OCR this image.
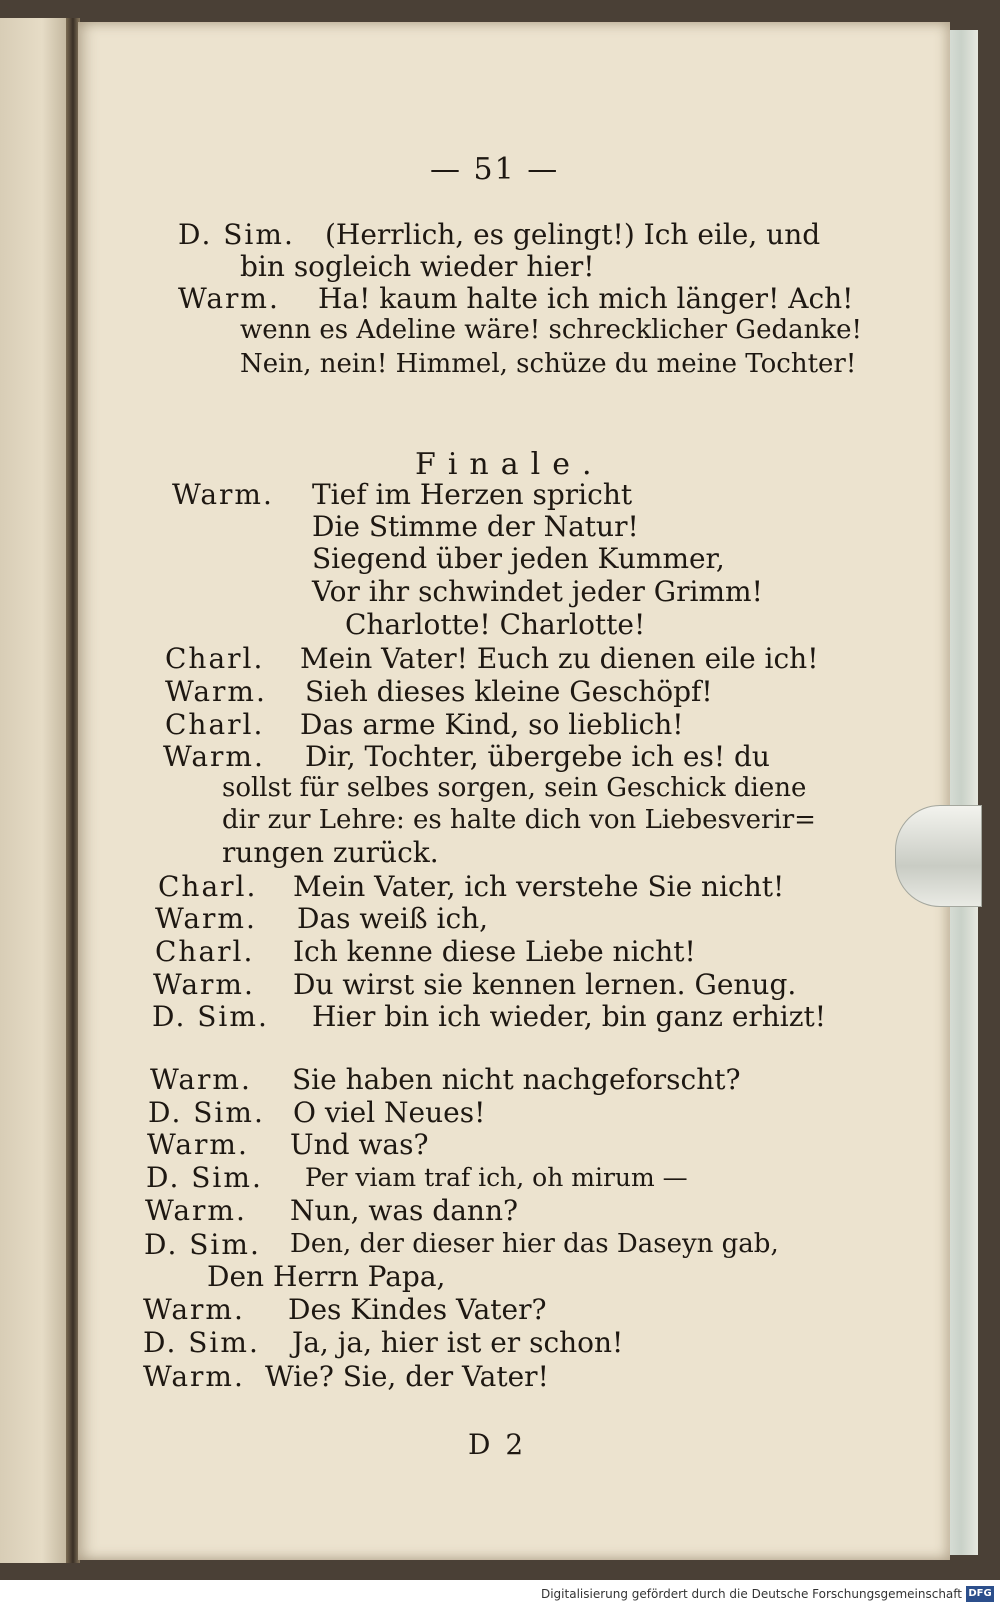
— 51 —
D. Sim. (Herrlich, es gelingt!) Ich eile, und
bin sogleich wieder hier!
Warm. Ha! kaum halte ich mich länger! Ach!
wenn es Adeline wäre! schrecklicher Gedanke!
Nein, nein! Himmel, schüze du meine Tochter!
Finale.
Warm. Tief im Herzen spricht
Die Stimme der Natur!
Siegend über jeden Kummer,
Vor ihr schwindet jeder Grimm!
Charlotte! Charlotte!
Charl. Mein Vater! Euch zu dienen eile ich!
Warm. Sieh dieses kleine Geschöpf!
Charl. Das arme Kind, so lieblich!
Warm. Dir, Tochter, übergebe ich es! du
sollst für selbes sorgen, sein Geschick diene
dir zur Lehre: es halte dich von Liebesverir=
rungen zurück.
Charl. Mein Vater, ich verstehe Sie nicht!
Warm. Das weiß ich,
Charl. Ich kenne diese Liebe nicht!
Warm. Du wirst sie kennen lernen. Genug.
D. Sim. Hier bin ich wieder, bin ganz erhizt!
Warm. Sie haben nicht nachgeforscht?
D. Sim. O viel Neues!
Warm. Und was?
D. Sim. Per viam traf ich, oh mirum —
Warm. Nun, was dann?
D. Sim. Den, der dieser hier das Daseyn gab,
Den Herrn Papa,
Warm. Des Kindes Vater?
D. Sim. Ja, ja, hier ist er schon!
Warm. Wie? Sie, der Vater!
D 2
Digitalisierung gefördert durch die Deutsche Forschungsgemeinschaft DFG
